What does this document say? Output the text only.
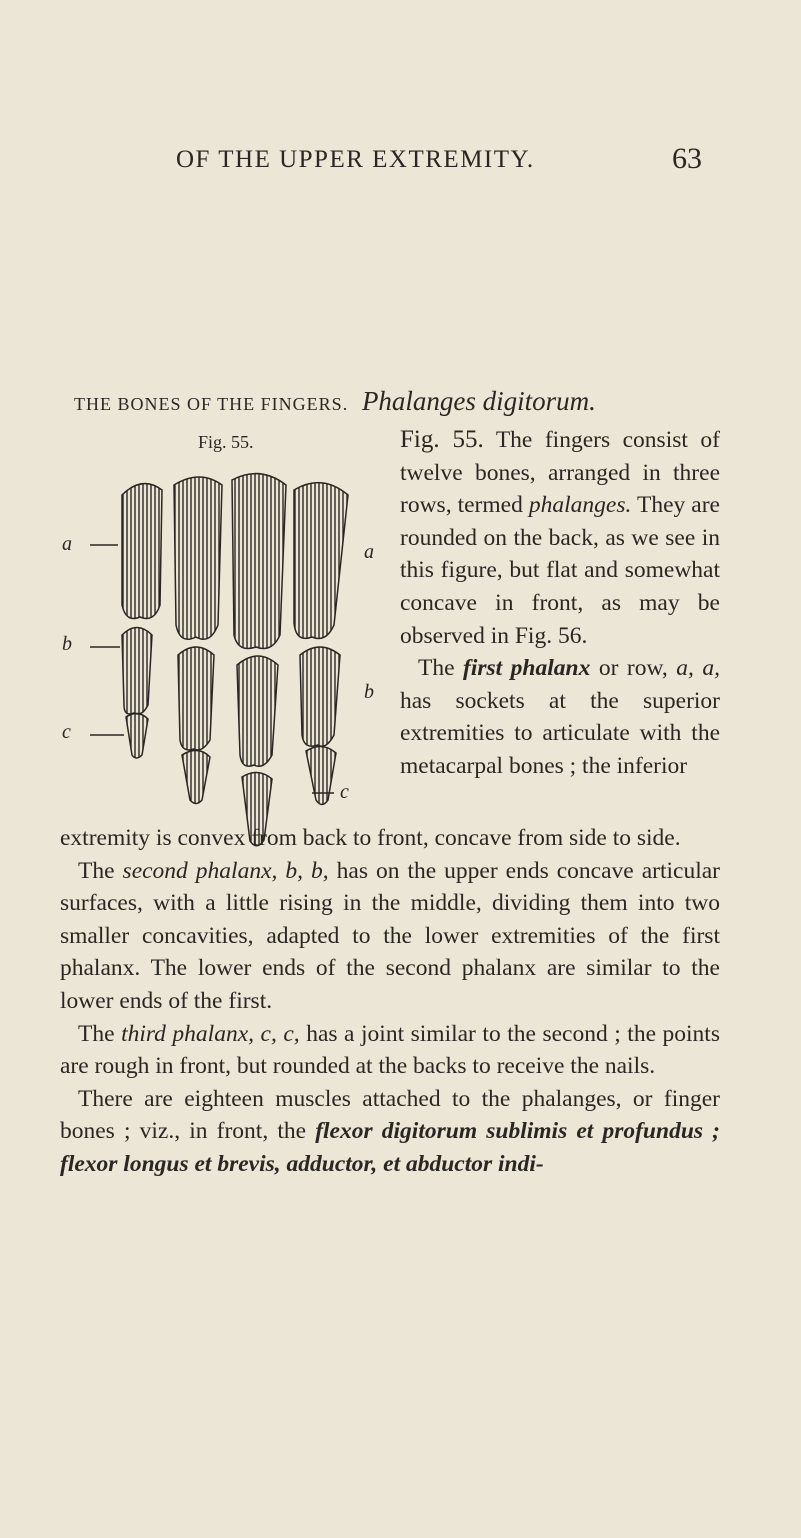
OF THE UPPER EXTREMITY.	63
THE BONES OF THE FINGERS. Phalanges digitorum.
Fig. 55.
a
b
c
a
b
c

Fig. 55. The fingers consist of twelve bones, arranged in three rows, termed phalanges. They are rounded on the back, as we see in this figure, but flat and somewhat concave in front, as may be observed in Fig. 56.

The first phalanx or row, a, a, has sockets at the superior extremities to articulate with the metacarpal bones ; the inferior

extremity is convex from back to front, concave from side to side.

The second phalanx, b, b, has on the upper ends concave articular surfaces, with a little rising in the middle, dividing them into two smaller concavities, adapted to the lower extremities of the first phalanx. The lower ends of the second phalanx are similar to the lower ends of the first.

The third phalanx, c, c, has a joint similar to the second ; the points are rough in front, but rounded at the backs to receive the nails.

There are eighteen muscles attached to the phalanges, or finger bones ; viz., in front, the flexor digitorum sublimis et profundus ; flexor longus et brevis, adductor, et abductor indi-
